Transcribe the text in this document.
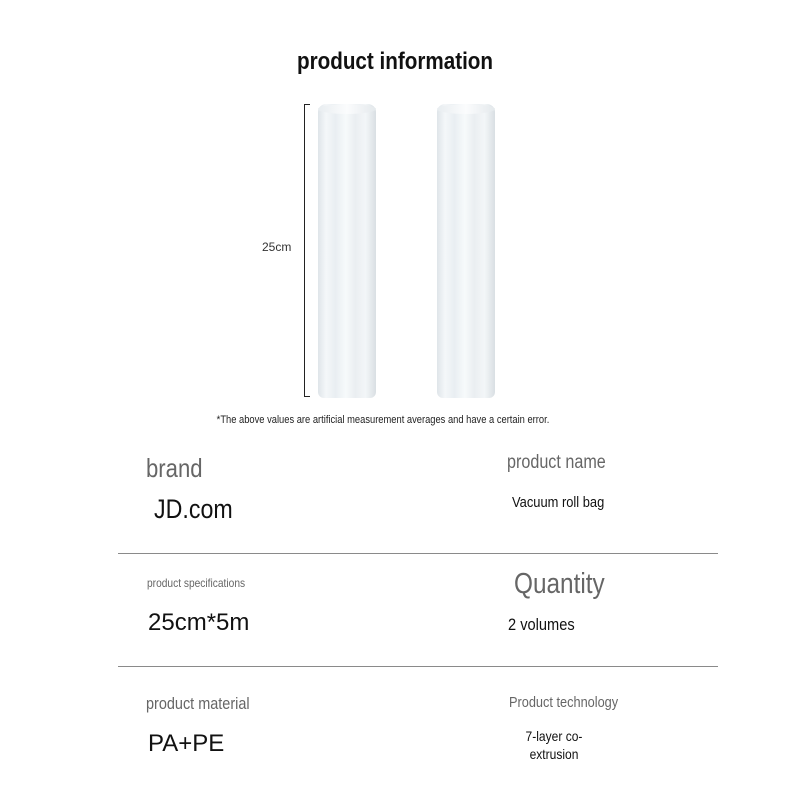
product information
25cm
*The above values are artificial measurement averages and have a certain error.
brand
JD.com
product name
Vacuum roll bag
product specifications
25cm*5m
Quantity
2 volumes
product material
PA+PE
Product technology
7-layer co-
extrusion
